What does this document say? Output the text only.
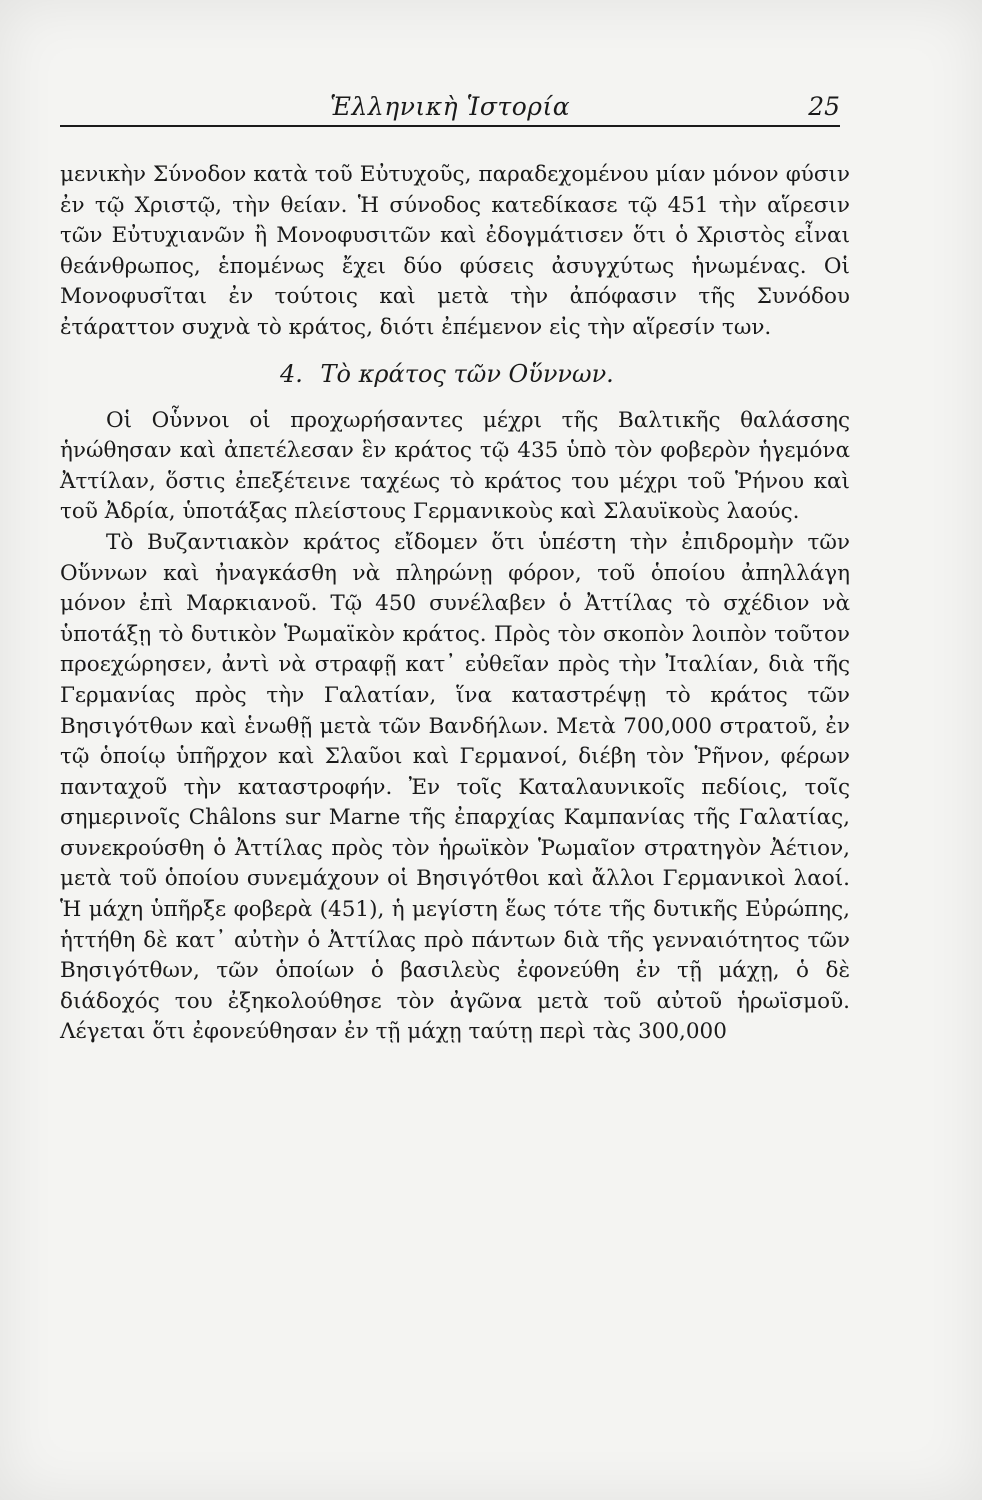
Ἑλληνικὴ Ἱστορία	25

μενικὴν Σύνοδον κατὰ τοῦ Εὐτυχοῦς, παραδεχομένου μίαν μόνον φύσιν ἐν τῷ Χριστῷ, τὴν θείαν. Ἡ σύνοδος κατεδίκασε τῷ 451 τὴν αἵρεσιν τῶν Εὐτυχιανῶν ἢ Μονοφυσιτῶν καὶ ἐδογμάτισεν ὅτι ὁ Χριστὸς εἶναι θεάνθρωπος, ἑπομένως ἔχει δύο φύσεις ἀσυγχύτως ἡνωμένας. Οἱ Μονοφυσῖται ἐν τούτοις καὶ μετὰ τὴν ἀπόφασιν τῆς Συνόδου ἐτάραττον συχνὰ τὸ κράτος, διότι ἐπέμενον εἰς τὴν αἵρεσίν των.

4. Τὸ κράτος τῶν Οὕννων.

Οἱ Οὗννοι οἱ προχωρήσαντες μέχρι τῆς Βαλτικῆς θαλάσσης ἡνώθησαν καὶ ἀπετέλεσαν ἓν κράτος τῷ 435 ὑπὸ τὸν φοβερὸν ἡγεμόνα Ἀττίλαν, ὅστις ἐπεξέτεινε ταχέως τὸ κράτος του μέχρι τοῦ Ῥήνου καὶ τοῦ Ἀδρία, ὑποτάξας πλείστους Γερμανικοὺς καὶ Σλαυϊκοὺς λαούς.

Τὸ Βυζαντιακὸν κράτος εἴδομεν ὅτι ὑπέστη τὴν ἐπιδρομὴν τῶν Οὕννων καὶ ἠναγκάσθη νὰ πληρώνῃ φόρον, τοῦ ὁποίου ἀπηλλάγη μόνον ἐπὶ Μαρκιανοῦ. Τῷ 450 συνέλαβεν ὁ Ἀττίλας τὸ σχέδιον νὰ ὑποτάξῃ τὸ δυτικὸν Ῥωμαϊκὸν κράτος. Πρὸς τὸν σκοπὸν λοιπὸν τοῦτον προεχώρησεν, ἀντὶ νὰ στραφῇ κατ᾽ εὐθεῖαν πρὸς τὴν Ἰταλίαν, διὰ τῆς Γερμανίας πρὸς τὴν Γαλατίαν, ἵνα καταστρέψῃ τὸ κράτος τῶν Βησιγότθων καὶ ἑνωθῇ μετὰ τῶν Βανδήλων. Μετὰ 700,000 στρατοῦ, ἐν τῷ ὁποίῳ ὑπῆρχον καὶ Σλαῦοι καὶ Γερμανοί, διέβη τὸν Ῥῆνον, φέρων πανταχοῦ τὴν καταστροφήν. Ἐν τοῖς Καταλαυνικοῖς πεδίοις, τοῖς σημερινοῖς Châlons sur Marne τῆς ἐπαρχίας Καμπανίας τῆς Γαλατίας, συνεκρούσθη ὁ Ἀττίλας πρὸς τὸν ἡρωϊκὸν Ῥωμαῖον στρατηγὸν Ἀέτιον, μετὰ τοῦ ὁποίου συνεμάχουν οἱ Βησιγότθοι καὶ ἄλλοι Γερμανικοὶ λαοί. Ἡ μάχη ὑπῆρξε φοβερὰ (451), ἡ μεγίστη ἕως τότε τῆς δυτικῆς Εὐρώπης, ἡττήθη δὲ κατ᾽ αὐτὴν ὁ Ἀττίλας πρὸ πάντων διὰ τῆς γενναιότητος τῶν Βησιγότθων, τῶν ὁποίων ὁ βασιλεὺς ἐφονεύθη ἐν τῇ μάχῃ, ὁ δὲ διάδοχός του ἐξηκολούθησε τὸν ἀγῶνα μετὰ τοῦ αὐτοῦ ἡρωϊσμοῦ. Λέγεται ὅτι ἐφονεύθησαν ἐν τῇ μάχῃ ταύτῃ περὶ τὰς 300,000
